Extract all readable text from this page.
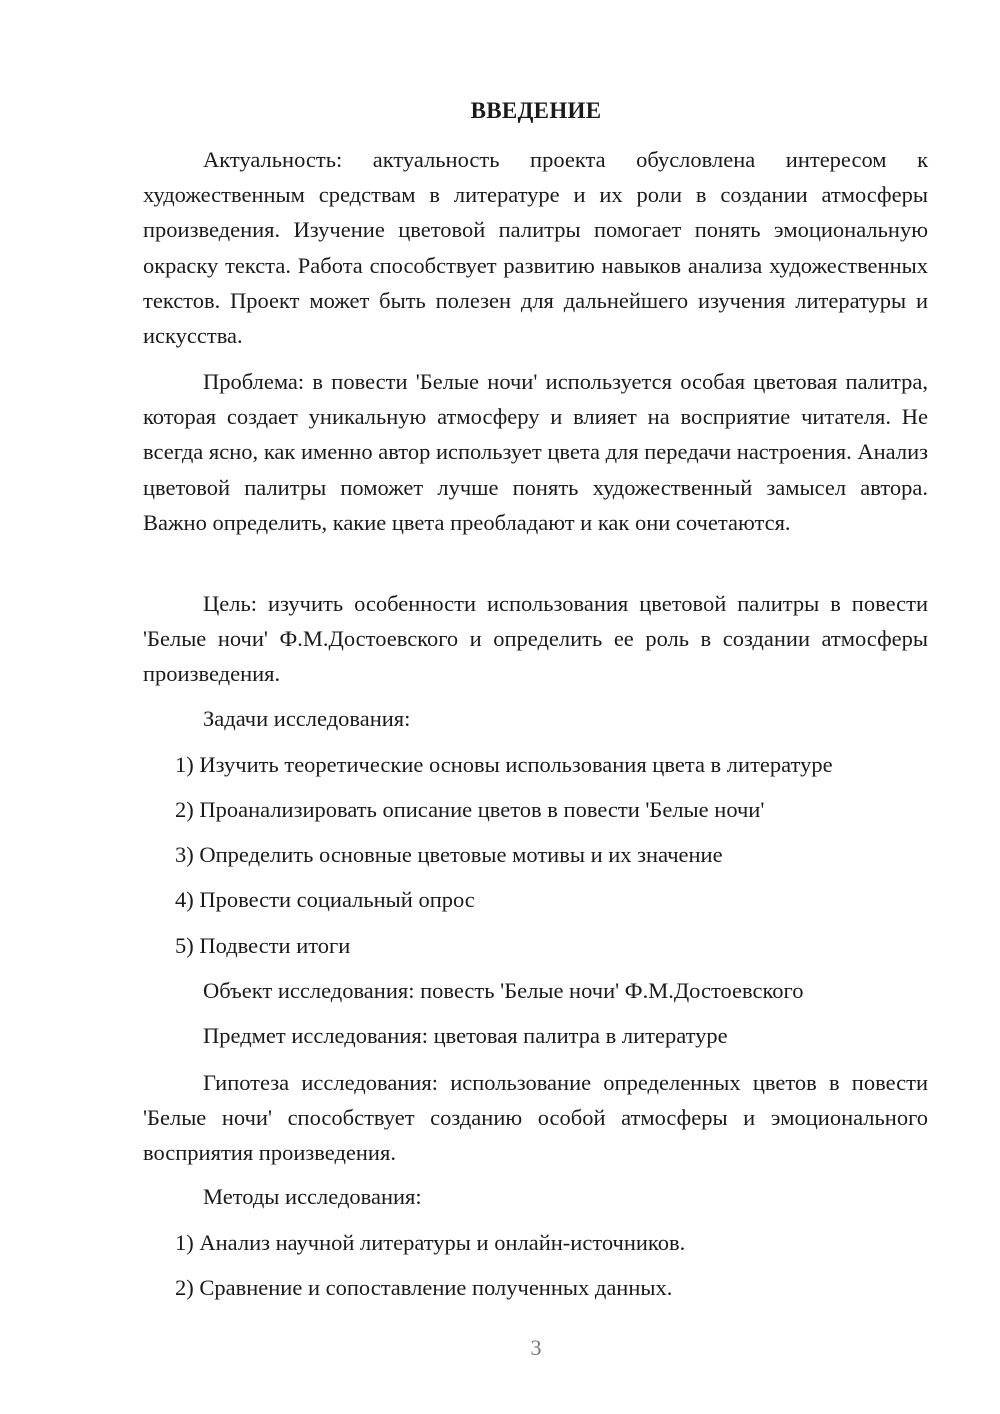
ВВЕДЕНИЕ

Актуальность: актуальность проекта обусловлена интересом к художественным средствам в литературе и их роли в создании атмосферы произведения. Изучение цветовой палитры помогает понять эмоциональную окраску текста. Работа способствует развитию навыков анализа художественных текстов. Проект может быть полезен для дальнейшего изучения литературы и искусства.

Проблема: в повести 'Белые ночи' используется особая цветовая палитра, которая создает уникальную атмосферу и влияет на восприятие читателя. Не всегда ясно, как именно автор использует цвета для передачи настроения. Анализ цветовой палитры поможет лучше понять художественный замысел автора. Важно определить, какие цвета преобладают и как они сочетаются.

Цель: изучить особенности использования цветовой палитры в повести 'Белые ночи' Ф.М.Достоевского и определить ее роль в создании атмосферы произведения.

Задачи исследования:

1) Изучить теоретические основы использования цвета в литературе

2) Проанализировать описание цветов в повести 'Белые ночи'

3) Определить основные цветовые мотивы и их значение

4) Провести социальный опрос

5) Подвести итоги

Объект исследования: повесть 'Белые ночи' Ф.М.Достоевского

Предмет исследования: цветовая палитра в литературе

Гипотеза исследования: использование определенных цветов в повести 'Белые ночи' способствует созданию особой атмосферы и эмоционального восприятия произведения.

Методы исследования:

1) Анализ научной литературы и онлайн-источников.

2) Сравнение и сопоставление полученных данных.

3
